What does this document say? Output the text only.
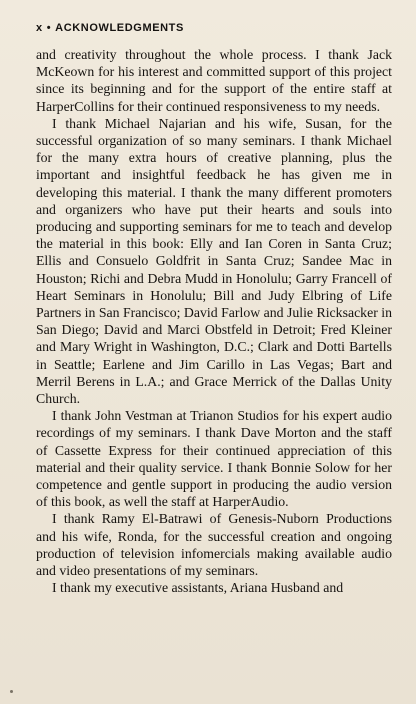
x • ACKNOWLEDGMENTS

and creativity throughout the whole process. I thank Jack McKeown for his interest and committed support of this project since its beginning and for the support of the entire staff at HarperCollins for their continued responsiveness to my needs.

I thank Michael Najarian and his wife, Susan, for the successful organization of so many seminars. I thank Michael for the many extra hours of creative planning, plus the important and insightful feedback he has given me in developing this material. I thank the many different promoters and organizers who have put their hearts and souls into producing and supporting seminars for me to teach and develop the material in this book: Elly and Ian Coren in Santa Cruz; Ellis and Consuelo Goldfrit in Santa Cruz; Sandee Mac in Houston; Richi and Debra Mudd in Honolulu; Garry Francell of Heart Seminars in Honolulu; Bill and Judy Elbring of Life Partners in San Francisco; David Farlow and Julie Ricksacker in San Diego; David and Marci Obstfeld in Detroit; Fred Kleiner and Mary Wright in Washington, D.C.; Clark and Dotti Bartells in Seattle; Earlene and Jim Carillo in Las Vegas; Bart and Merril Berens in L.A.; and Grace Merrick of the Dallas Unity Church.

I thank John Vestman at Trianon Studios for his expert audio recordings of my seminars. I thank Dave Morton and the staff of Cassette Express for their continued appreciation of this material and their quality service. I thank Bonnie Solow for her competence and gentle support in producing the audio version of this book, as well the staff at HarperAudio.

I thank Ramy El-Batrawi of Genesis-Nuborn Productions and his wife, Ronda, for the successful creation and ongoing production of television infomercials making available audio and video presentations of my seminars.

I thank my executive assistants, Ariana Husband and
